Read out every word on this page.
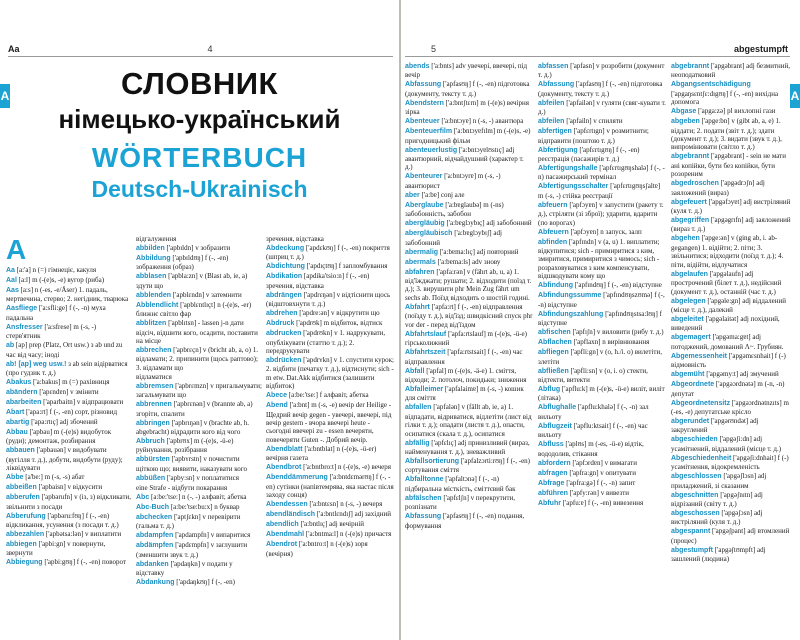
Aa	4
A	СЛОВНИК
німецько-український
WÖRTERBUCH
Deutsch-Ukrainisch
A

Aa [a:'a] n (=) гімнеціє, какуля

Aal [a:l] m (-(e)s, -e) вугор (риба)

Aas [a:s] n (-es, -e/Äser) 1. падаль, мертвечина, стерво; 2. негідник, тварюка

Aasfliege ['a:sfli:ge] f (-, -n) муха падальна

Ansfresser ['a:sfrese] m (-s, -) стерв'ятник

ab [ap] prep (Platz, Ort usw.) з ab und zu час від часу; іноді

ab! [ap] weg usw.! з ab sein відірватися (про гудзик т. д.)

Abakus ['a:bakus] m (=) рахівниця

abändern ['apɛndɐn] v змінити

abarbeiten ['aparbaitn] v відпрацювати

Abart ['apa:rt] f (-, -en) сорт, різновид

abartig ['apa:rtɪç] adj збочений

Abbau ['apbau] m (-(e)s) видобуток (руди); демонтаж, розбирання

abbauen ['apbauən] v видобувати (вугілля т. д.), добути, видобути (руду); ліквідувати

Abbe [a'be:] m (-s, -s) абат

abbeißen ['apbaisn] v відкусити

abberufen ['apbərufn] v (із, з) відкликати, звільнити з посади

Abberufung ['apbəru:fʊŋ] f (-, -en) відкликання, усунення (з посади т. д.)

abbezahlen ['apbətsa:lən] v виплатити

abbiegen ['apbi:gn] v повернути, звернути

Abbiegung ['apbi:gʊŋ] f (-, -en) поворот

відгалуження

abbilden ['apbɪldn] v зобразити

Abbildung ['apbɪldʊŋ] f (-, -en) зображення (образ)

abblasen ['apbla:zn] v (Blast ab, ie, a) здути що

abblenden ['apblɛndn] v затемнити

Abblendlicht ['apblɛntlɪçt] n (-(e)s, -er) ближнє світло фар

abblitzen ['apblɪtsn] - lassen j-n дати відсіч, відшити кого, осадити, поставити на місце

abbrechen ['apbrɛçn] v (bricht ab, a, o) 1. відламати; 2. припинити (щось раптово); 3. відламати що

відламатися

abbremsen ['apbrɛmzn] v пригальмувати; загальмувати що

abbrennen ['apbrɛnən] v (brannte ab, a) згоріти, спалити

abbringen ['apbrɪŋən] v (brachte ab, h. abgebracht) відрадити кого від чого

Abbruch ['apbrʊx] m (-(e)s, -ü-e) руйнування, розібрання

abbürsten ['apbʏrstn] v почистити щіткою що; виявити, наказувати кого

abbüßen ['apby:sn] v поплатитися

eine Strafe - відбути покарання

Abc [a:be:'tse:] n (-, -) алфавіт, абетка

Abc-Buch [a:be:'tse:bu:x] n буквар

abchecken ['aptʃɛkn] v перевірити (гальма т. д.)

abdampfen ['apdampfn] v випаритися

abdämpfen ['apdɛmpfn] v заглушити (зменшити звук т. д.)

abdanken ['apdaŋkn] v подати у відставку

Abdankung ['apdaŋkʊŋ] f (-, -en)

зречення, відставка

Abdeckung ['apdɛkʊŋ] f (-, -en) покриття (шприц т. д.)

Abdichtung ['apdɪçtʊŋ] f запломбування

Abdikation [apdika'tsio:n] f (-, -en) зречення, відставка

abdrängen ['apdrɛŋən] v відтіснити щось (відштовхнути т. д.)

abdrehen ['apdre:ən] v відкрутити що

Abdruck ['apdrʊk] m відбиток, відтиск

abdrucken ['apdrʊkn] v 1. надрукувати, опублікувати (статтю т. д.); 2. передрукувати

abdrücken ['apdrʏkn] v 1. спустити курок; 2. відбити (печатку т. д.), відтиснути; sich - m etw. Dat.Akk відбитися (залишити відбиток)

Abece [a:be:'tse:] f алфавіт, абетка

Abend ['a:bnt] m (-s, -e) вечір der Heilige - Щедрий вечір gegen - увечері, ввечері, під вечір gestern - вчора ввечері heute - сьогодні ввечері zu - essen вечеряти, повечеряти Guten -. Добрий вечір.

Abendblatt ['a:bntblat] n (-(e)s, -ü-er) вечірня газета

Abendbrot ['a:bntbro:t] n (-(e)s, -e) вечеря

Abenddämmerung ['a:bntdɛmərʊŋ] f (-, -en) сутінки (напівтемрява, яка настає після заходу сонця)

Abendessen ['a:bntɛsn] n (-s, -) вечеря

abendländisch ['a:bntlɛndɪʃ] adj західний

abendlich ['a:bntlɪç] adj вечірній

Abendmahl ['a:bntma:l] n (-(e)s) причастя

Abendrot ['a:bntro:t] n (-(e)s) зоря (вечірня)

5	abgestumpft
A

abends ['a:bnts] adv увечері, ввечері, під вечір

Abfassung ['apfasʊŋ] f (-, -en) підготовка (документу, тексту т. д.)

Abendstern ['a:bntʃtɛrn] m (-(e)s) вечірня зірка

Abenteuer ['a:bntɔyɐ] n (-s, -) авантюра

Abenteuerfilm ['a:bntɔyɐfɪlm] m (-(e)s, -e) пригодницький фільм

abenteuerlustig ['a:bntɔyɐlʊstɪç] adj авантюрний, відчайдушний (характер т. д.)

Abenteurer ['a:bntɔyrɐ] m (-s, -) авантюрист

aber ['a:bɐ] conj але

Aberglaube ['a:bɐglaubə] m (-ns) забобонність, забобон

abergläubig ['a:bɐglɔybɪç] adj забобонний

abergläubisch ['a:bɐglɔybɪʃ] adj забобонний

abermalig ['a:bɐma:lɪç] adj повторний

abermals ['a:bɐma:ls] adv знову

abfahren ['apfa:rən] v (fährt ab, u, a) 1. від'їжджати; рушати; 2. відходити (поїзд т. д.); 3. вирушити phr Mein Zug fährt um sechs ab. Поїзд відходить о шостій годині.

Abfahrt ['apfa:rt] f (-, -en) відправлення (поїзду т. д.), від'їзд; швидкісний спуск phr vor der - перед від'їздом

Abfahrtslauf ['apfa:rtslauf] m (-(e)s, -ü-e) гірськолижний

Abfahrtszeit ['apfa:rtstsait] f (-, -en) час відправлення

Abfall ['apfal] m (-(e)s, -ä-e) 1. сміття, відходи; 2. потолоч, покидьки; зниження

Abfalleimer ['apfalaimɐ] m (-s, -) кошик для сміття

abfallen ['apfalən] v (fällt ab, ie, a) 1. відпадати, відриватися, відлетіти (лист від гілки т. д.); опадати (листя т. д.), опасти, осипатися (скала т. д.), осипатися

abfällig ['apfɛlɪç] adj принизливий (вираз, найменування т. д.), зневажливий

Abfallsortierung ['apfalzɔrti:rʊŋ] f (-, -en) сортування сміття

Abfalltonne ['apfaltɔnə] f (-, -n) підбиральна місткість, сміттєвий бак

abfälschen ['apfɛlʃn] v перекрутити, розпізнати

Abfassung ['apfasʊŋ] f (-, -en) подання, формування

abfassen ['apfasn] v розробити (документ т. д.)

Abfassung ['apfasʊŋ] f (-, -en) підготовка (документу, тексту т. д.)

abfeilen ['apfailən] v гуляти (свяг-кувати т. д.)

abfeilen ['apfailn] v спиляти

abfertigen ['apfɛrtɪgn] v розмитнити; відправити (поштою т. д.)

Abfertigung ['apfɛrtɪgʊŋ] f (-, -en) реєстрація (пасажирів т. д.)

Abfertigungshalle ['apfɛrtɪgʊŋshalə] f (-, -n) пасажирський термінал

Abfertigungsschalter ['apfɛrtɪgʊŋsʃaltɐ] m (-s, -) стійка реєстрації

abfeuern ['apfɔyɐn] v запустити (ракету т. д.), стріляти (зі зброї); ударити, вдарити (по ворогах)

Abfeuern ['apfɔyɐn] n запуск, залп

abfinden ['apfɪndn] v (a, u) 1. виплатити; відкупитися; sich - примиритися з ким, змиритися, примиритися з чимось; sich - розраховуватися з ким компенсувати, відшкодувати кому що

Abfindung ['apfɪndʊŋ] f (-, -en) відступне

Abfindungssumme ['apfɪndʊŋszʊmə] f (-, -n) відступне

Abfindungszahlung ['apfɪndʊŋstsa:lʊŋ] f відступне

abfischen ['apfɪʃn] v виловити (рибу т. д.)

Abflachen ['apflaxn] n вирівнювання

abfliegen ['apfli:gn] v (o, h./i. o) вилетіти, злетіти

abfließen ['apfli:sn] v (o, i. o) стекти, відтекти, витекти

Abflug ['apflu:k] m (-(e)s, -ü-e) виліт, виліт (літака)

Abflughalle ['apflu:khalə] f (-, -n) зал вильоту

Abflugzeit ['apflu:ktsait] f (-, -en) час вильоту

Abfluss ['aplʊs] m (-es, -ü-e) відтік, вододолив, стікання

abfordern ['apfɔrdɐn] v вимагати

abfragen ['apfra:gn] v опитувати

Abfrage ['apfra:gə] f (-, -n) запит

abführen ['apfy:rən] v вивезти

Abfuhr ['apfu:ɐ] f (-, -en) вивезення

abgebrannt ['apgəbrant] adj безмитний, неоподатковий

Abgangsentschädigung ['apgaŋsɛntʃɛ:dɪgʊŋ] f (-, -en) вихідна допомога

Abgase ['apga:zə] pl вихлопні гази

abgeben ['apge:bn] v (gibt ab, a, e) 1. віддати; 2. подати (звіт т. д.); здати (документ т. д.); 3. видати (звук т. д.), випромінювати (світло т. д.)

abgebrannt ['apgəbrant] - sein не мати ані копійки, бути без копійки, бути розореним

abgedroschen ['apgədrɔʃn] adj заяложений (вираз)

abgefeuert ['apgəfɔyɐt] adj вистріляний (куля т. д.)

abgegriffen ['apgəgrɪfn] adj заяложений (вираз т. д.)

abgehen ['apge:ən] v (ging ab, i. ab-gegangen) 1. відійти; 2. піти; 3. звільнитися; відходити (поїзд т. д.); 4. піти, відійти, відлучатися

abgelaufen ['apgəlaufn] adj прострочений (білет т. д.), недійсний (документ т. д.), останній (час т. д.)

abgelegen ['apgəle:gn] adj віддалений (місце т. д.), далекий

abgeleitet ['apgəlaitət] adj похідний, виведений

abgemagert ['apgəma:gɐt] adj потоджений, домований Λ~. Грубиян.

Abgemessenheit ['apgəmɛsnhait] f (-) відмовність

abgemüht ['apgəmy:t] adj змучений

Abgeordnete ['apgəɔrdnətə] m (-n, -n) депутат

Abgeordnetensitz ['apgəɔrdnətnzɪts] m (-es, -e) депутатське крісло

abgerundet ['apgərʊndət] adj закруглений

abgeschieden ['apgəʃi:dn] adj усамітнений, віддалений (місце т. д.)

Abgeschiedenheit ['apgəʃi:dnhait] f (-) усамітнення, відокремленість

abgeschlossen ['apgəʃlɔsn] adj приладжений, зі сказаним

abgeschnitten ['apgəʃnɪtn] adj відрізаний (світу т. д.)

abgeschossen ['apgəʃɔsn] adj вистріляний (куля т. д.)

abgespannt ['apgəʃpant] adj втомлений (процес)

abgestumpft ['apgəʃtʊmpft] adj зашлений (людина)
